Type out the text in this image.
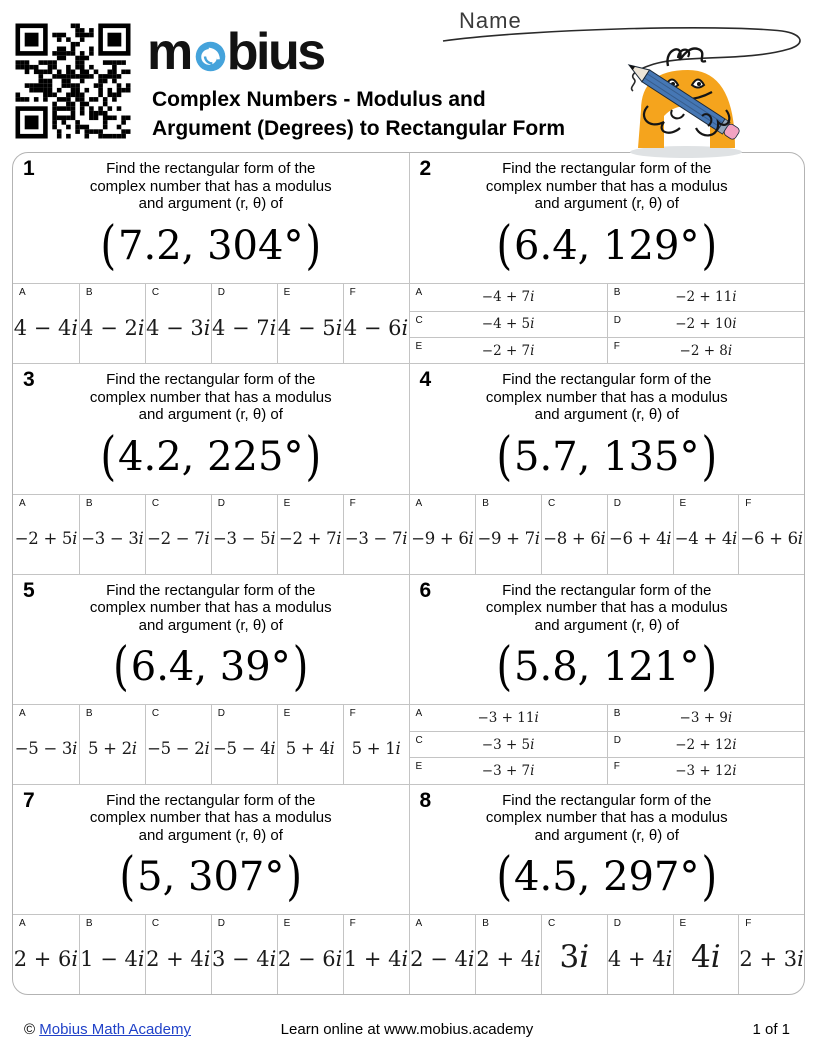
m bius
Complex Numbers - Modulus and
Argument (Degrees) to Rectangular Form
Name
1	Find the rectangular form of the
complex number that has a modulus
and argument (r, θ) of
( 7.2, 304° )
A
4 − 4 i
B
4 − 2 i
C
4 − 3 i
D
4 − 7 i
E
4 − 5 i
F
4 − 6 i
2	Find the rectangular form of the
complex number that has a modulus
and argument (r, θ) of
( 6.4, 129° )
A	−4 + 7 i	B	−2 + 11 i
C	−4 + 5 i	D	−2 + 10 i
E	−2 + 7 i	F	−2 + 8 i
3	Find the rectangular form of the
complex number that has a modulus
and argument (r, θ) of
( 4.2, 225° )
A
−2 + 5 i
B
−3 − 3 i
C
−2 − 7 i
D
−3 − 5 i
E
−2 + 7 i
F
−3 − 7 i
4	Find the rectangular form of the
complex number that has a modulus
and argument (r, θ) of
( 5.7, 135° )
A
−9 + 6 i
B
−9 + 7 i
C
−8 + 6 i
D
−6 + 4 i
E
−4 + 4 i
F
−6 + 6 i
5	Find the rectangular form of the
complex number that has a modulus
and argument (r, θ) of
( 6.4, 39° )
A
−5 − 3 i
B
5 + 2 i
C
−5 − 2 i
D
−5 − 4 i
E
5 + 4 i
F
5 + 1 i
6	Find the rectangular form of the
complex number that has a modulus
and argument (r, θ) of
( 5.8, 121° )
A	−3 + 11 i	B	−3 + 9 i
C	−3 + 5 i	D	−2 + 12 i
E	−3 + 7 i	F	−3 + 12 i
7	Find the rectangular form of the
complex number that has a modulus
and argument (r, θ) of
( 5, 307° )
A
2 + 6 i
B
1 − 4 i
C
2 + 4 i
D
3 − 4 i
E
2 − 6 i
F
1 + 4 i
8	Find the rectangular form of the
complex number that has a modulus
and argument (r, θ) of
( 4.5, 297° )
A
2 − 4 i
B
2 + 4 i
C
3 i
D
4 + 4 i
E
4 i
F
2 + 3 i
© Mobius Math Academy	Learn online at www.mobius.academy	1 of 1
